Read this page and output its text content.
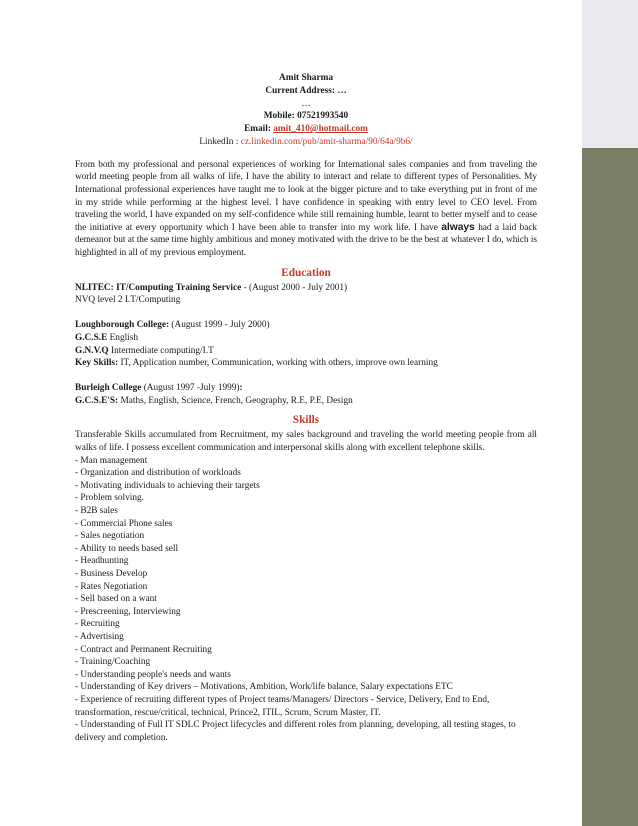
Amit Sharma
Current Address: …
…
Mobile: 07521993540
Email: amit_410@hotmail.com
LinkedIn : cz.linkedin.com/pub/amit-sharma/90/64a/9b6/

From both my professional and personal experiences of working for International sales companies and from traveling the world meeting people from all walks of life, I have the ability to interact and relate to different types of Personalities. My International professional experiences have taught me to look at the bigger picture and to take everything put in front of me in my stride while performing at the highest level. I have confidence in speaking with entry level to CEO level. From traveling the world, I have expanded on my self-confidence while still remaining humble, learnt to better myself and to cease the initiative at every opportunity which I have been able to transfer into my work life. I have always had a laid back demeanor but at the same time highly ambitious and money motivated with the drive to be the best at whatever I do, which is highlighted in all of my previous employment.

Education
NLITEC: IT/Computing Training Service - (August 2000 - July 2001)
NVQ level 2 I.T/Computing
Loughborough College: (August 1999 - July 2000)
G.C.S.E English
G.N.V.Q Intermediate computing/I.T
Key Skills: IT, Application number, Communication, working with others, improve own learning
Burleigh College (August 1997 -July 1999):
G.C.S.E'S: Maths, English, Science, French, Geography, R.E, P.E, Design
Skills

Transferable Skills accumulated from Recruitment, my sales background and traveling the world meeting people from all walks of life. I possess excellent communication and interpersonal skills along with excellent telephone skills.

- Man management
- Organization and distribution of workloads
- Motivating individuals to achieving their targets
- Problem solving.
- B2B sales
- Commercial Phone sales
- Sales negotiation
- Ability to needs based sell
- Headhunting
- Business Develop
- Rates Negotiation
- Sell based on a want
- Prescreening, Interviewing
- Recruiting
- Advertising
- Contract and Permanent Recruiting
- Training/Coaching
- Understanding people's needs and wants
- Understanding of Key drivers – Motivations, Ambition, Work/life balance, Salary expectations ETC
- Experience of recruiting different types of Project teams/Managers/ Directors - Service, Delivery, End to End, transformation, rescue/critical, technical, Prince2, ITIL, Scrum, Scrum Master, IT.
- Understanding of Full IT SDLC Project lifecycles and different roles from planning, developing, all testing stages, to delivery and completion.
